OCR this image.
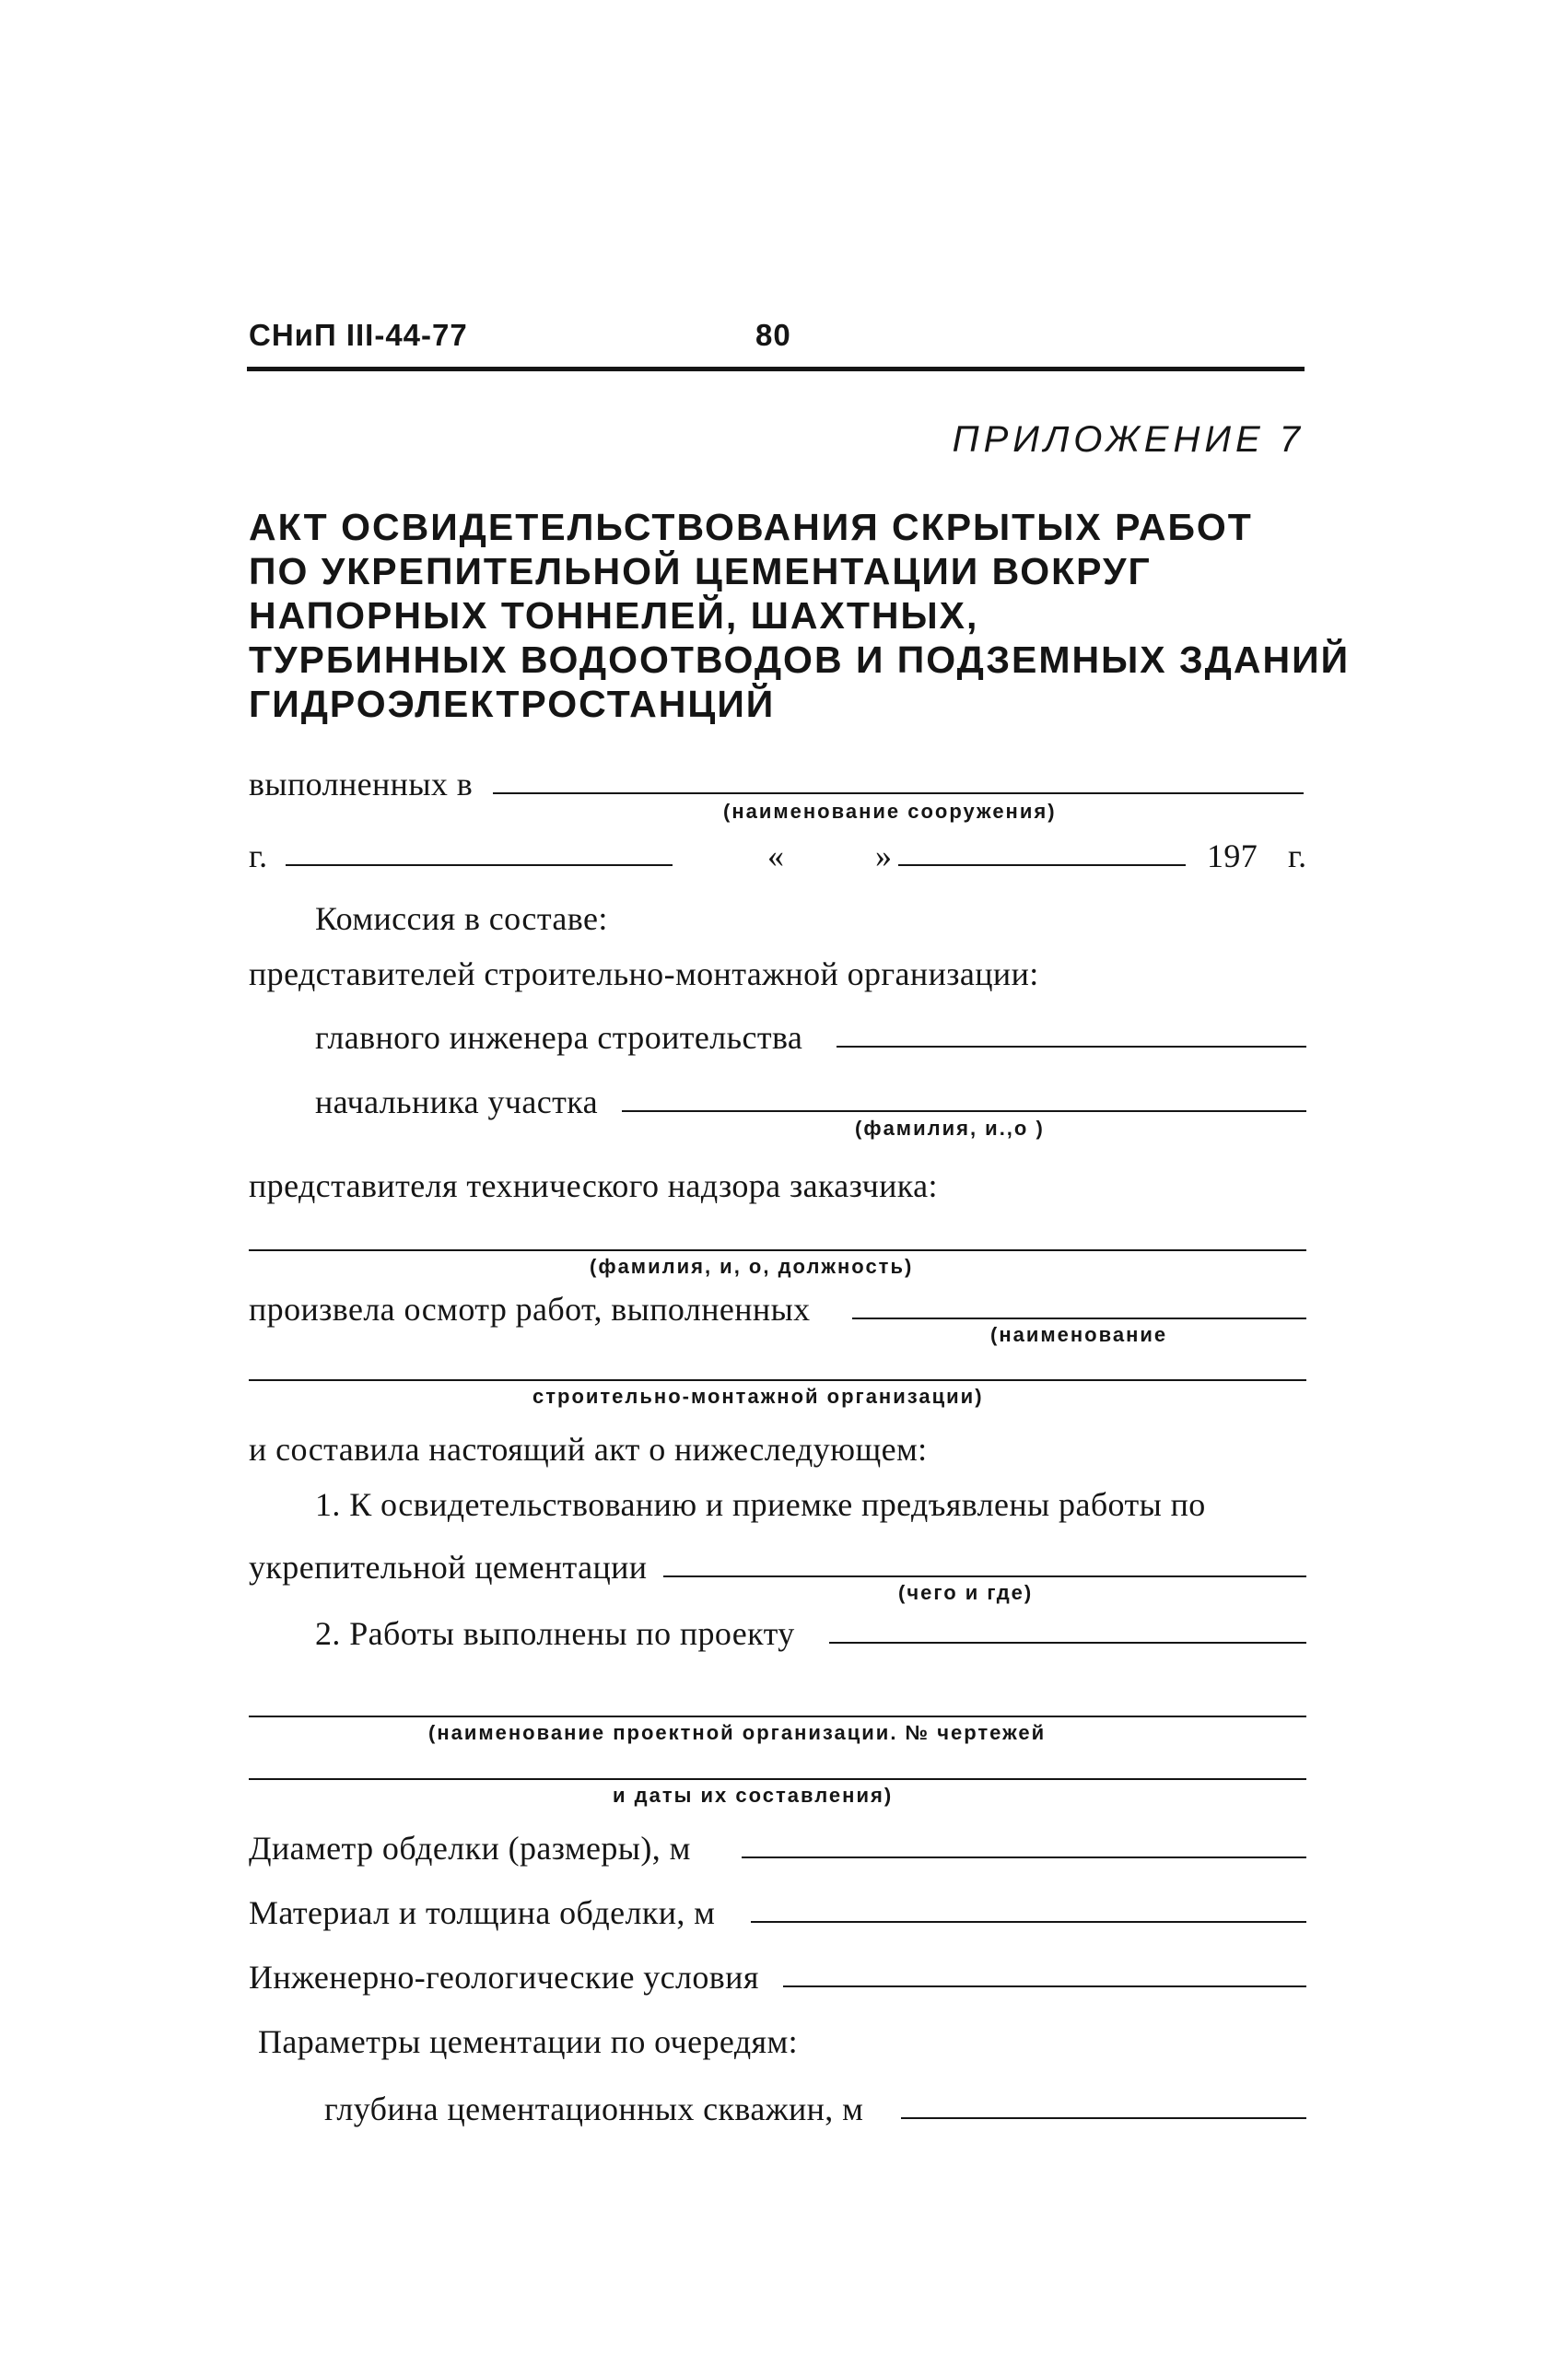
СНиП III-44-77	80
ПРИЛОЖЕНИЕ 7
АКТ ОСВИДЕТЕЛЬСТВОВАНИЯ СКРЫТЫХ РАБОТ
ПО УКРЕПИТЕЛЬНОЙ ЦЕМЕНТАЦИИ ВОКРУГ
НАПОРНЫХ ТОННЕЛЕЙ, ШАХТНЫХ,
ТУРБИННЫХ ВОДООТВОДОВ И ПОДЗЕМНЫХ ЗДАНИЙ
ГИДРОЭЛЕКТРОСТАНЦИЙ
выполненных в
(наименование сооружения)
г.	«	»	197 г.
Комиссия в составе:
представителей строительно-монтажной организации:
главного инженера строительства
начальника участка
(фамилия, и.,о )
представителя технического надзора заказчика:
(фамилия, и, о, должность)
произвела осмотр работ, выполненных
(наименование
строительно-монтажной организации)
и составила настоящий акт о нижеследующем:
1. К освидетельствованию и приемке предъявлены работы по
укрепительной цементации
(чего и где)
2. Работы выполнены по проекту
(наименование проектной организации. № чертежей
и даты их составления)
Диаметр обделки (размеры), м
Материал и толщина обделки, м
Инженерно-геологические условия
Параметры цементации по очередям:
глубина цементационных скважин, м
